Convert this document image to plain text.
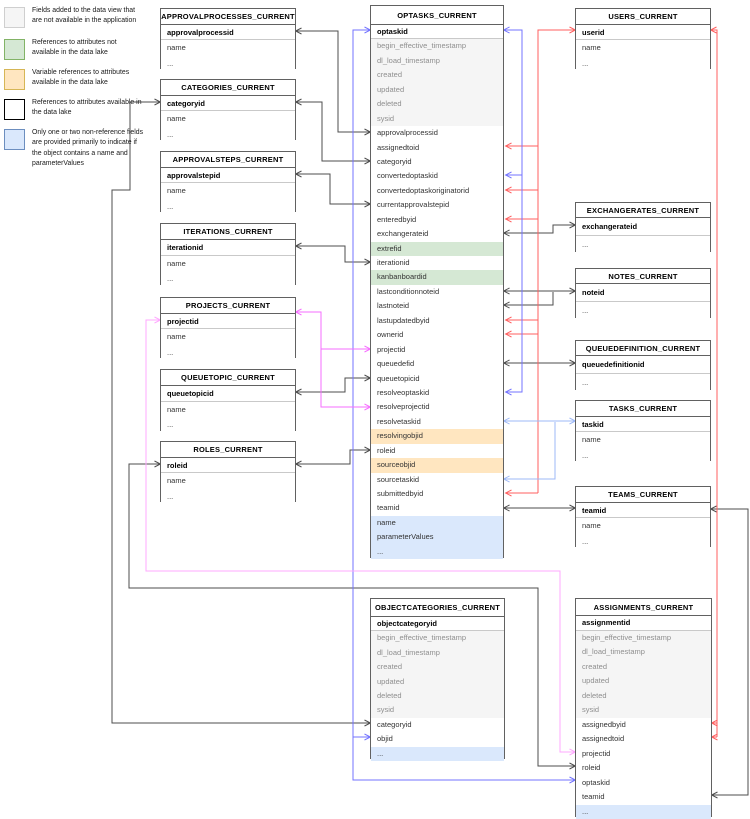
Fields added to the data view that are not available in the application
References to attributes not available in the data lake
Variable references to attributes available in the data lake
References to attributes available in the data lake
Only one or two non-reference fields are provided primarily to indicate if the object contains a name and parameterValues
APPROVALPROCESSES_CURRENT
approvalprocessid
name
...
CATEGORIES_CURRENT
categoryid
name
...
APPROVALSTEPS_CURRENT
approvalstepid
name
...
ITERATIONS_CURRENT
iterationid
name
...
PROJECTS_CURRENT
projectid
name
...
QUEUETOPIC_CURRENT
queuetopicid
name
...
ROLES_CURRENT
roleid
name
...
OPTASKS_CURRENT
optaskid
begin_effective_timestamp
dl_load_timestamp
created
updated
deleted
sysid
approvalprocessid
assignedtoid
categoryid
convertedoptaskid
convertedoptaskoriginatorid
currentapprovalstepid
enteredbyid
exchangerateid
extrefid
iterationid
kanbanboardid
lastconditionnoteid
lastnoteid
lastupdatedbyid
ownerid
projectid
queuedefid
queuetopicid
resolveoptaskid
resolveprojectid
resolvetaskid
resolvingobjid
roleid
sourceobjid
sourcetaskid
submittedbyid
teamid
name
parameterValues
...
USERS_CURRENT
userid
name
...
EXCHANGERATES_CURRENT
exchangerateid
...
NOTES_CURRENT
noteid
...
QUEUEDEFINITION_CURRENT
queuedefinitionid
...
TASKS_CURRENT
taskid
name
...
TEAMS_CURRENT
teamid
name
...
OBJECTCATEGORIES_CURRENT
objectcategoryid
begin_effective_timestamp
dl_load_timestamp
created
updated
deleted
sysid
categoryid
objid
...
ASSIGNMENTS_CURRENT
assignmentid
begin_effective_timestamp
dl_load_timestamp
created
updated
deleted
sysid
assignedbyid
assignedtoid
projectid
roleid
optaskid
teamid
...
